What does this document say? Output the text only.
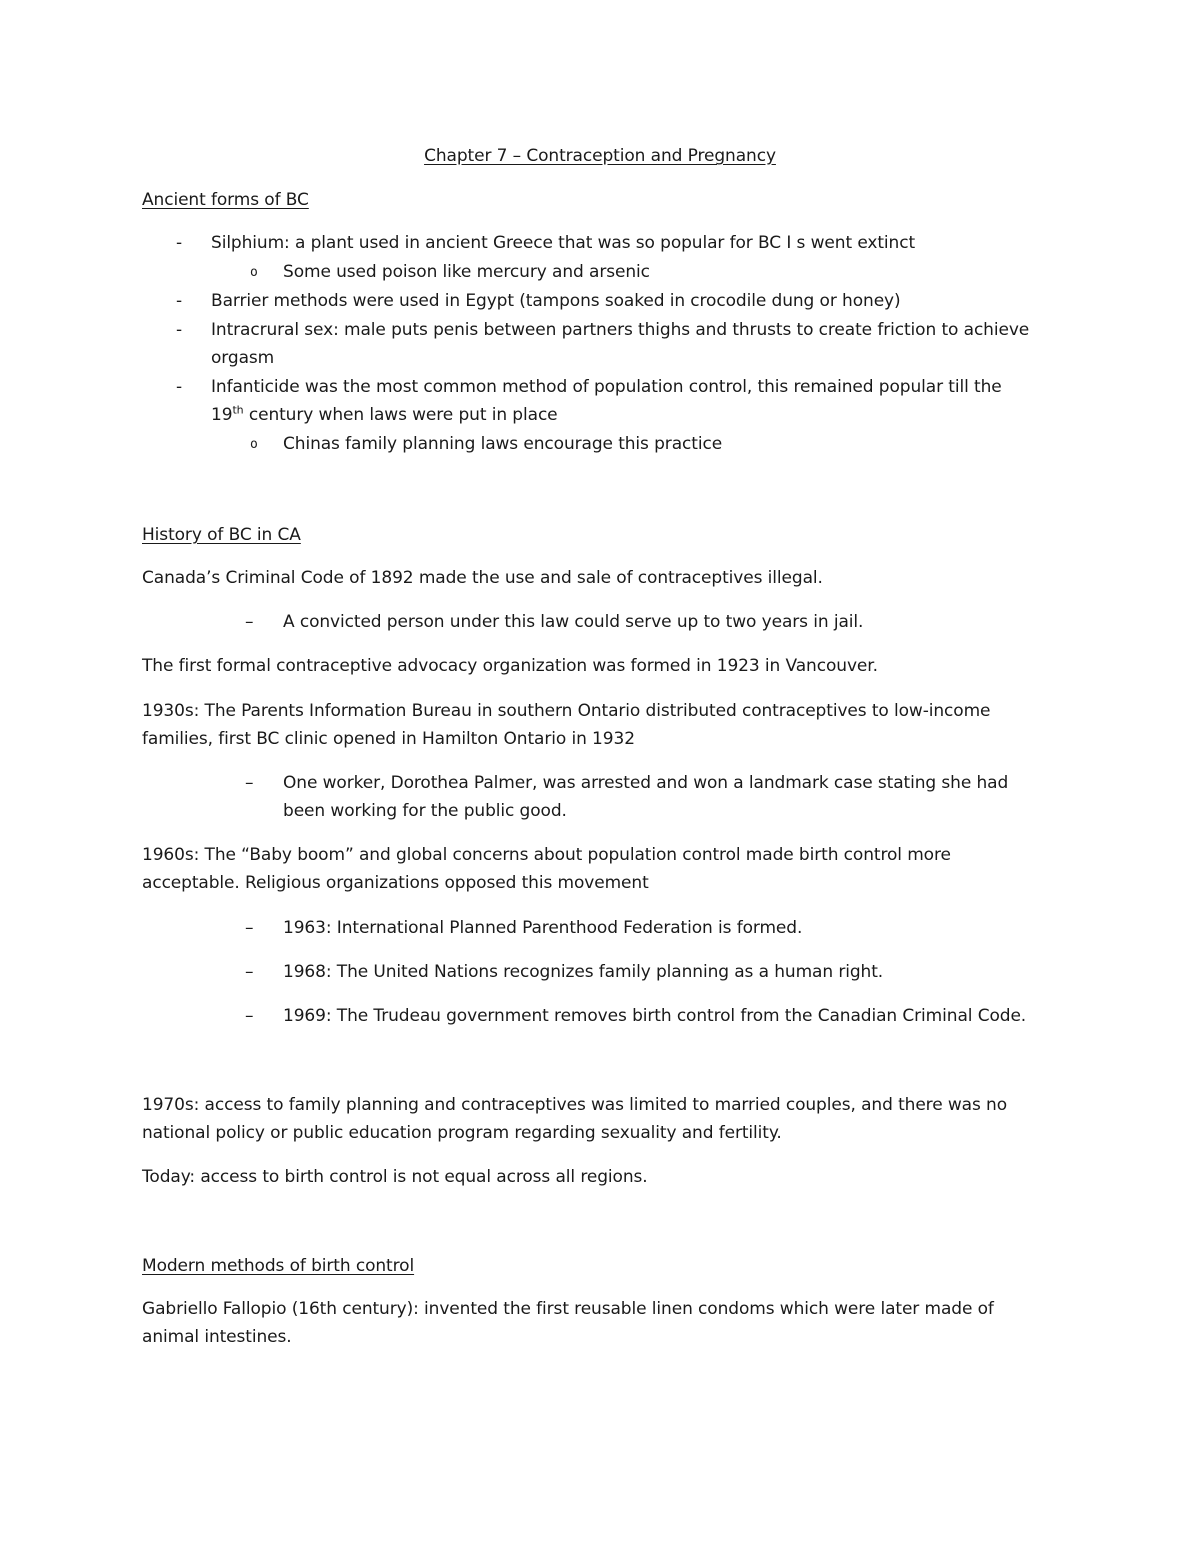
Chapter 7 – Contraception and Pregnancy
Ancient forms of BC
- Silphium: a plant used in ancient Greece that was so popular for BC I s went extinct
o Some used poison like mercury and arsenic
- Barrier methods were used in Egypt (tampons soaked in crocodile dung or honey)
- Intracrural sex: male puts penis between partners thighs and thrusts to create friction to achieve
orgasm
- Infanticide was the most common method of population control, this remained popular till the
19th century when laws were put in place
o Chinas family planning laws encourage this practice
History of BC in CA
Canada’s Criminal Code of 1892 made the use and sale of contraceptives illegal.
– A convicted person under this law could serve up to two years in jail.
The first formal contraceptive advocacy organization was formed in 1923 in Vancouver.
1930s: The Parents Information Bureau in southern Ontario distributed contraceptives to low-income
families, first BC clinic opened in Hamilton Ontario in 1932
– One worker, Dorothea Palmer, was arrested and won a landmark case stating she had
been working for the public good.
1960s: The “Baby boom” and global concerns about population control made birth control more
acceptable. Religious organizations opposed this movement
– 1963: International Planned Parenthood Federation is formed.
– 1968: The United Nations recognizes family planning as a human right.
– 1969: The Trudeau government removes birth control from the Canadian Criminal Code.
1970s: access to family planning and contraceptives was limited to married couples, and there was no
national policy or public education program regarding sexuality and fertility.
Today: access to birth control is not equal across all regions.
Modern methods of birth control
Gabriello Fallopio (16th century): invented the first reusable linen condoms which were later made of
animal intestines.
